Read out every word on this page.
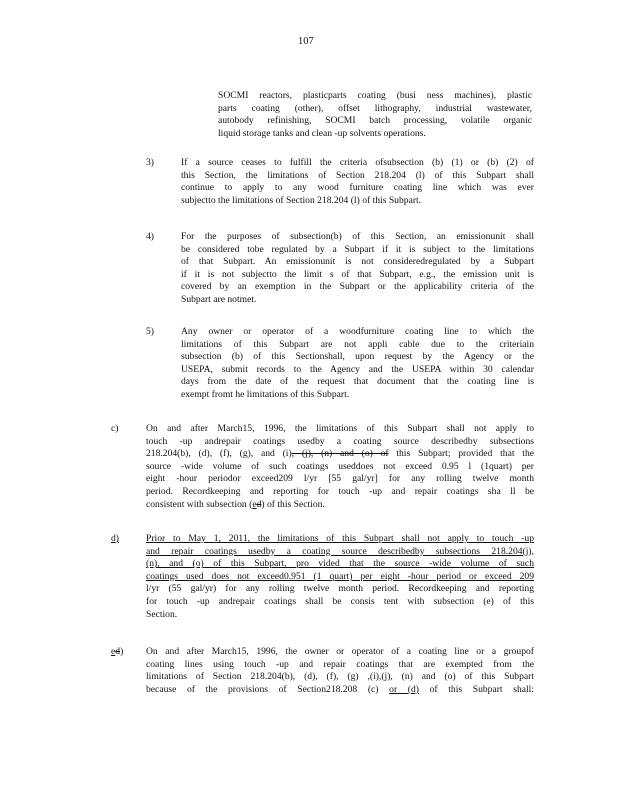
107
SOCMI reactors, plasticparts coating (busi ness machines), plastic
parts coating (other), offset lithography, industrial wastewater,
autobody refinishing, SOCMI batch processing, volatile organic
liquid storage tanks and clean -up solvents operations.
3)	If a source ceases to fulfill the criteria ofsubsection (b) (1) or (b) (2) of
this Section, the limitations of Section 218.204 (l) of this Subpart shall
continue to apply to any wood furniture coating line which was ever
subjectto the limitations of Section 218.204 (l) of this Subpart.
4)	For the purposes of subsection(b) of this Section, an emissionunit shall
be considered tobe regulated by a Subpart if it is subject to the limitations
of that Subpart. An emissionunit is not consideredregulated by a Subpart
if it is not subjectto the limit s of that Subpart, e.g., the emission unit is
covered by an exemption in the Subpart or the applicability criteria of the
Subpart are notmet.
5)	Any owner or operator of a woodfurniture coating line to which the
limitations of this Subpart are not appli cable due to the criteriain
subsection (b) of this Sectionshall, upon request by the Agency or the
USEPA, submit records to the Agency and the USEPA within 30 calendar
days from the date of the request that document that the coating line is
exempt fromt he limitations of this Subpart.
c)	On and after March15, 1996, the limitations of this Subpart shall not apply to
touch -up andrepair coatings usedby a coating source describedby subsections
218.204(b), (d), (f), (g), and (i), (j), (n) and (o) of this Subpart; provided that the
source -wide volume of such coatings useddoes not exceed 0.95 l (1quart) per
eight -hour periodor exceed209 l/yr [55 gal/yr] for any rolling twelve month
period. Recordkeeping and reporting for touch -up and repair coatings sha ll be
consistent with subsection (ed) of this Section.
d)	Prior to May 1, 2011, the limitations of this Subpart shall not apply to touch -up
and repair coatings usedby a coating source describedby subsections 218.204(j),
(n), and (o) of this Subpart, pro vided that the source -wide volume of such
coatings used does not exceed0.951 (1 quart) per eight -hour period or exceed 209
l/yr (55 gal/yr) for any rolling twelve month period. Recordkeeping and reporting
for touch -up andrepair coatings shall be consis tent with subsection (e) of this
Section.
ed) On and after March15, 1996, the owner or operator of a coating line or a groupof
coating lines using touch -up and repair coatings that are exempted from the
limitations of Section 218.204(b), (d), (f), (g) ,(i),(j), (n) and (o) of this Subpart
because of the provisions of Section218.208 (c) or (d) of this Subpart shall:
